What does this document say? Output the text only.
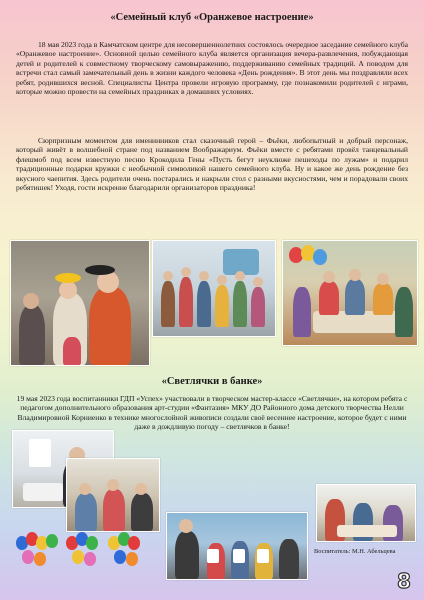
«Семейный клуб «Оранжевое настроение»
18 мая 2023 года в Камчатском центре для несовершеннолетних состоялось очередное заседание семейного клуба «Оранжевое настроение». Основной целью семейного клуба является организация вечера-развлечения, побуждающая детей и родителей к совместному творческому самовыражению, поддерживанию семейных традиций. А поводом для встречи стал самый замечательный день в жизни каждого человека «День рождения». В этот день мы поздравляли всех ребят, родившихся весной. Специалисты Центра провели игровую программу, где познакомили родителей с играми, которые можно провести на семейных праздниках в домашних условиях.
Сюрпризным моментом для именинников стал сказочный герой – Фьёки, любопытный и добрый персонаж, который живёт в волшебной стране под названием Воображариум. Фьёки вместе с ребятами провёл танцевальный флешмоб под всем известную песню Крокодила Гены «Пусть бегут неуклюже пешеходы по лужам» и подарил традиционные подарки кружки с необычной символикой нашего семейного клуба. Ну и какое же день рождение без вкусного чаепития. Здесь родители очень постарались и накрыли стол с разными вкусностями, чем и порадовали своих ребятишек! Уходя, гости искренне благодарили организаторов праздника!
«Светлячки в банке»
19 мая 2023 года воспитанники ГДП «Успех» участвовали в творческом мастер-классе «Светлячки», на котором ребята с педагогом дополнительного образования арт-студии «Фантазия» МКУ ДО Районного дома детского творчества Нелли Владимировной Корниенко в технике многослойной живописи создали своё весеннее настроение, которое будет с ними даже в дождливую погоду – светлячков в банке!
Воспитатель: М.Н. Абельцева
8
